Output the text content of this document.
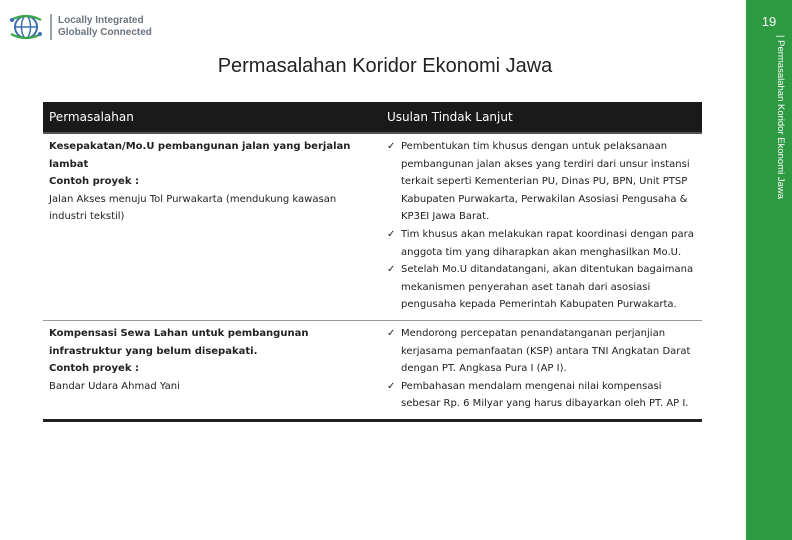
Locally Integrated
Globally Connected
19
| Permasalahan Koridor Ekonomi Jawa
Permasalahan Koridor Ekonomi Jawa
Permasalahan	Usulan Tindak Lanjut
Kesepakatan/Mo.U pembangunan jalan yang berjalan lambat
Contoh proyek :
Jalan Akses menuju Tol Purwakarta (mendukung kawasan industri tekstil)
✓ Pembentukan tim khusus dengan untuk pelaksanaan pembangunan jalan akses yang terdiri dari unsur instansi terkait seperti Kementerian PU, Dinas PU, BPN, Unit PTSP Kabupaten Purwakarta, Perwakilan Asosiasi Pengusaha & KP3EI Jawa Barat.
✓ Tim khusus akan melakukan rapat koordinasi dengan para anggota tim yang diharapkan akan menghasilkan Mo.U.
✓ Setelah Mo.U ditandatangani, akan ditentukan bagaimana mekanismen penyerahan aset tanah dari asosiasi pengusaha kepada Pemerintah Kabupaten Purwakarta.
Kompensasi Sewa Lahan untuk pembangunan infrastruktur yang belum disepakati.
Contoh proyek :
Bandar Udara Ahmad Yani
✓ Mendorong percepatan penandatanganan perjanjian kerjasama pemanfaatan (KSP) antara TNI Angkatan Darat dengan PT. Angkasa Pura I (AP I).
✓ Pembahasan mendalam mengenai nilai kompensasi sebesar Rp. 6 Milyar yang harus dibayarkan oleh PT. AP I.
